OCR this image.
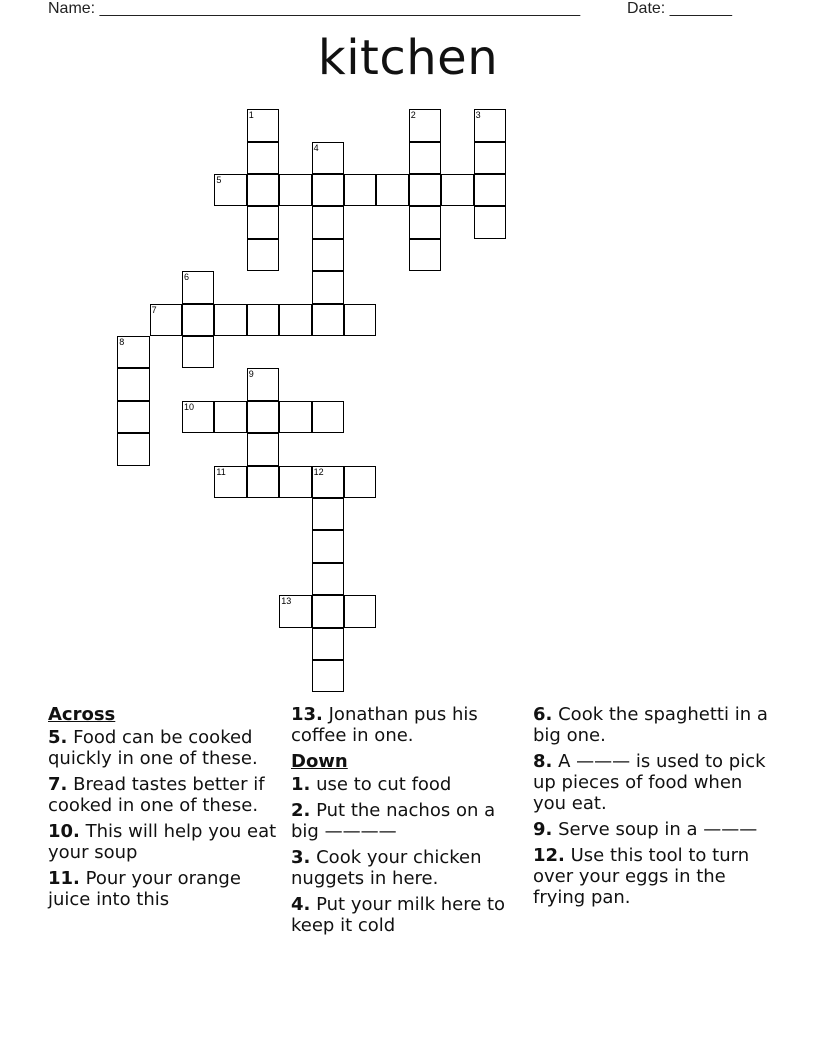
Name: ______________________________________________________	Date: _______
kitchen
1	2	3
4
5
6
7
8
9
10
11	12
13
Across
5. Food can be cooked quickly in one of these.
7. Bread tastes better if cooked in one of these.
10. This will help you eat your soup
11. Pour your orange juice into this
13. Jonathan pus his coffee in one.
Down
1. use to cut food
2. Put the nachos on a big ————
3. Cook your chicken nuggets in here.
4. Put your milk here to keep it cold
6. Cook the spaghetti in a big one.
8. A ——— is used to pick up pieces of food when you eat.
9. Serve soup in a ———
12. Use this tool to turn over your eggs in the frying pan.
